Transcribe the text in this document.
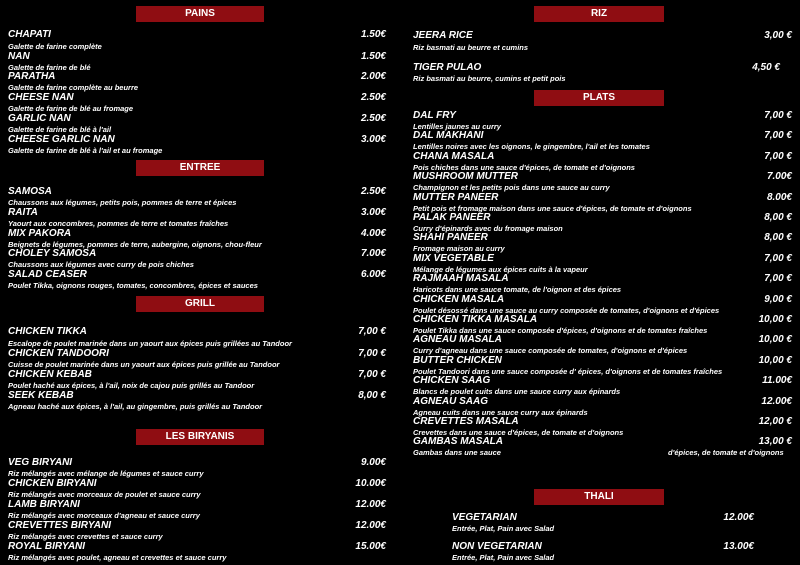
PAINS
CHAPATI
Galette de farine complète
1.50€
NAN
Galette de farine de blé
1.50€
PARATHA
Galette de farine complète au beurre
2.00€
CHEESE NAN
Galette de farine de blé au fromage
2.50€
GARLIC NAN
Galette de farine de blé à l'ail
2.50€
CHEESE GARLIC NAN
Galette de farine de blé à l'ail et au fromage
3.00€
ENTREE
SAMOSA
Chaussons aux légumes, petits pois, pommes de terre et épices
2.50€
RAITA
Yaourt aux concombres, pommes de terre et tomates fraîches
3.00€
MIX PAKORA
Beignets de légumes, pommes de terre, aubergine, oignons, chou-fleur
4.00€
CHOLEY SAMOSA
Chaussons aux légumes avec curry de pois chiches
7.00€
SALAD CEASER
Poulet Tikka, oignons rouges, tomates, concombres, épices et sauces
6.00€
GRILL
CHICKEN TIKKA
Escalope de poulet marinée dans un yaourt aux épices puis grillées au Tandoor
7,00 €
CHICKEN TANDOORI
Cuisse de poulet marinée dans un yaourt aux épices puis grillée au Tandoor
7,00 €
CHICKEN KEBAB
Poulet haché aux épices, à l'ail, noix de cajou puis grillés au Tandoor
7,00 €
SEEK KEBAB
Agneau haché aux épices, à l'ail, au gingembre, puis grillés au Tandoor
8,00 €
LES BIRYANIS
VEG BIRYANI
Riz mélangés avec mélange de légumes et sauce curry
9.00€
CHICKEN BIRYANI
Riz mélangés avec morceaux de poulet et sauce curry
10.00€
LAMB BIRYANI
Riz mélangés avec morceaux d'agneau et sauce curry
12.00€
CREVETTES BIRYANI
Riz mélangés avec crevettes et sauce curry
12.00€
ROYAL BIRYANI
Riz mélangés avec poulet, agneau et crevettes et sauce curry
15.00€
RIZ
JEERA RICE
Riz basmati au beurre et cumins
3,00 €
TIGER PULAO
Riz basmati au beurre, cumins et petit pois
4,50 €
PLATS
DAL FRY
Lentilles jaunes au curry
7,00 €
DAL MAKHANI
Lentilles noires avec les oignons, le gingembre, l'ail et les tomates
7,00 €
CHANA MASALA
Pois chiches dans une sauce d'épices, de tomate et d'oignons
7,00 €
MUSHROOM MUTTER
Champignon et les petits pois dans une sauce au curry
7.00€
MUTTER PANEER
Petit pois et fromage maison dans une sauce d'épices, de tomate et d'oignons
8.00€
PALAK PANEER
Curry d'épinards avec du fromage maison
8,00 €
SHAHI PANEER
Fromage maison au curry
8,00 €
MIX VEGETABLE
Mélange de légumes aux épices cuits à la vapeur
7,00 €
RAJMAAH MASALA
Haricots dans une sauce tomate, de l'oignon et des épices
7,00 €
CHICKEN MASALA
Poulet désossé dans une sauce au curry composée de tomates, d'oignons et d'épices
9,00 €
CHICKEN TIKKA MASALA
Poulet Tikka dans une sauce composée d'épices, d'oignons et de tomates fraîches
10,00 €
AGNEAU MASALA
Curry d'agneau dans une sauce composée de tomates, d'oignons et d'épices
10,00 €
BUTTER CHICKEN
Poulet Tandoori dans une sauce composée d' épices, d'oignons et de tomates fraîches
10,00 €
CHICKEN SAAG
Blancs de poulet cuits dans une sauce curry aux épinards
11.00€
AGNEAU SAAG
Agneau cuits dans une sauce curry aux épinards
12.00€
CREVETTES MASALA
Crevettes dans une sauce d'épices, de tomate et d'oignons
12,00 €
GAMBAS MASALA
Gambas dans une sauce
13,00 €
d'épices, de tomate et d'oignons
THALI
VEGETARIAN
Entrée, Plat, Pain avec Salad
12.00€
NON VEGETARIAN
Entrée, Plat, Pain avec Salad
13.00€
